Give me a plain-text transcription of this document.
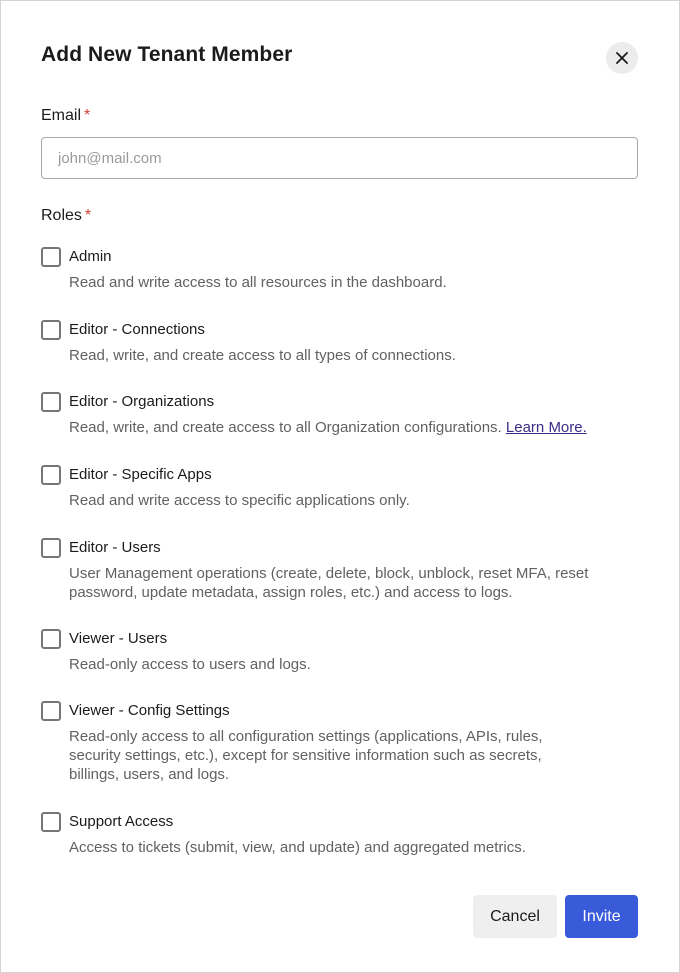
Add New Tenant Member
Email *
john@mail.com
Roles *
Admin
Read and write access to all resources in the dashboard.
Editor - Connections
Read, write, and create access to all types of connections.
Editor - Organizations
Read, write, and create access to all Organization configurations. Learn More.
Editor - Specific Apps
Read and write access to specific applications only.
Editor - Users
User Management operations (create, delete, block, unblock, reset MFA, reset password, update metadata, assign roles, etc.) and access to logs.
Viewer - Users
Read-only access to users and logs.
Viewer - Config Settings
Read-only access to all configuration settings (applications, APIs, rules, security settings, etc.), except for sensitive information such as secrets, billings, users, and logs.
Support Access
Access to tickets (submit, view, and update) and aggregated metrics.
Cancel	Invite
